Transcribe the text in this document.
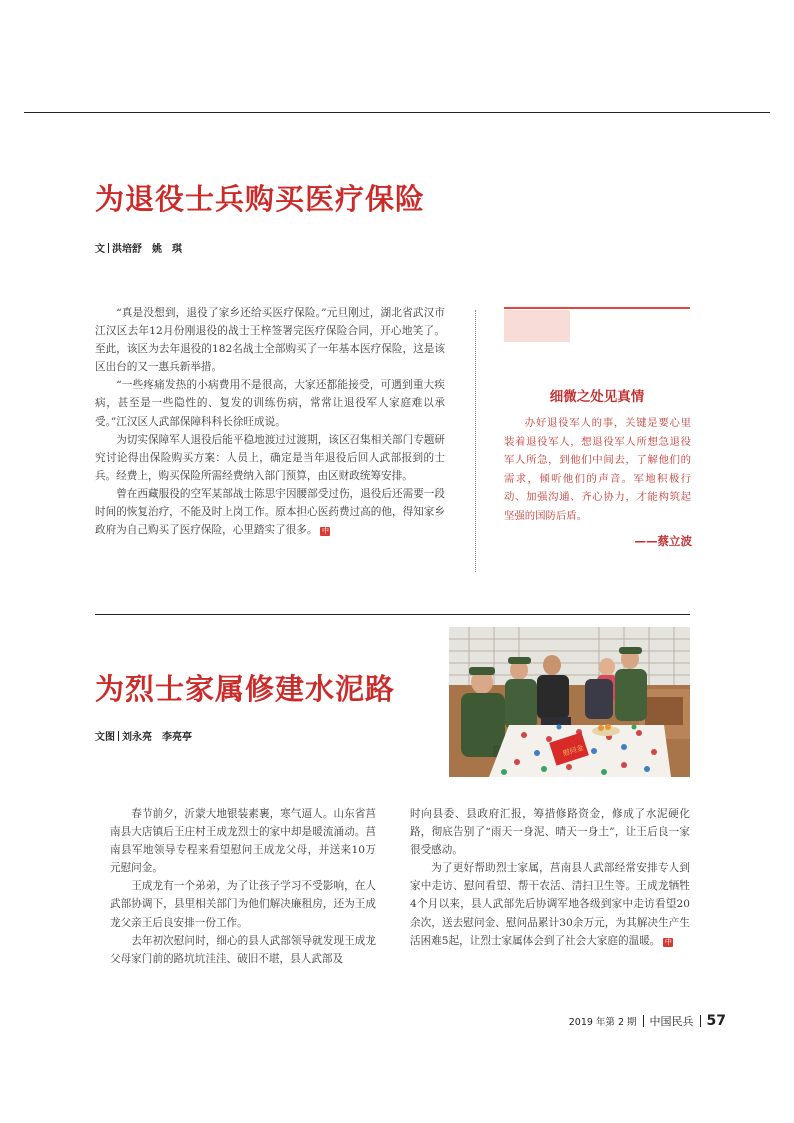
为退役士兵购买医疗保险
文 洪培舒 姚　琪

“真是没想到，退役了家乡还给买医疗保险。”元旦刚过，湖北省武汉市江汉区去年12月份刚退役的战士王梓签署完医疗保险合同，开心地笑了。至此，该区为去年退役的182名战士全部购买了一年基本医疗保险，这是该区出台的又一惠兵新举措。

“一些疼痛发热的小病费用不是很高，大家还都能接受，可遇到重大疾病，甚至是一些隐性的、复发的训练伤病，常常让退役军人家庭难以承受。”江汉区人武部保障科科长徐旺成说。

为切实保障军人退役后能平稳地渡过过渡期，该区召集相关部门专题研究讨论得出保险购买方案：人员上，确定是当年退役后回人武部报到的士兵。经费上，购买保险所需经费纳入部门预算，由区财政统筹安排。

曾在西藏服役的空军某部战士陈思宇因腰部受过伤，退役后还需要一段时间的恢复治疗，不能及时上岗工作。原本担心医药费过高的他，得知家乡政府为自己购买了医疗保险，心里踏实了很多。 中

细微之处见真情

办好退役军人的事，关键是要心里装着退役军人，想退役军人所想急退役军人所急，到他们中间去，了解他们的需求，倾听他们的声音。军地积极行动、加强沟通、齐心协力，才能构筑起坚强的国防后盾。

——蔡立波
为烈士家属修建水泥路
文图 刘永亮 李亮亭
慰问金

春节前夕，沂蒙大地银装素裹，寒气逼人。山东省莒南县大店镇后王庄村王成龙烈士的家中却是暖流涌动。莒南县军地领导专程来看望慰问王成龙父母，并送来10万元慰问金。

王成龙有一个弟弟，为了让孩子学习不受影响，在人武部协调下，县里相关部门为他们解决廉租房，还为王成龙父亲王后良安排一份工作。

去年初次慰问时，细心的县人武部领导就发现王成龙父母家门前的路坑坑洼洼、破旧不堪，县人武部及

时向县委、县政府汇报，筹措修路资金，修成了水泥硬化路，彻底告别了“雨天一身泥、晴天一身土”，让王后良一家很受感动。

为了更好帮助烈士家属，莒南县人武部经常安排专人到家中走访、慰问看望、帮干农活、清扫卫生等。王成龙牺牲4个月以来，县人武部先后协调军地各级到家中走访看望20余次，送去慰问金、慰问品累计30余万元，为其解决生产生活困难5起，让烈士家属体会到了社会大家庭的温暖。 中

2019 年第 2 期 中国民兵 57
